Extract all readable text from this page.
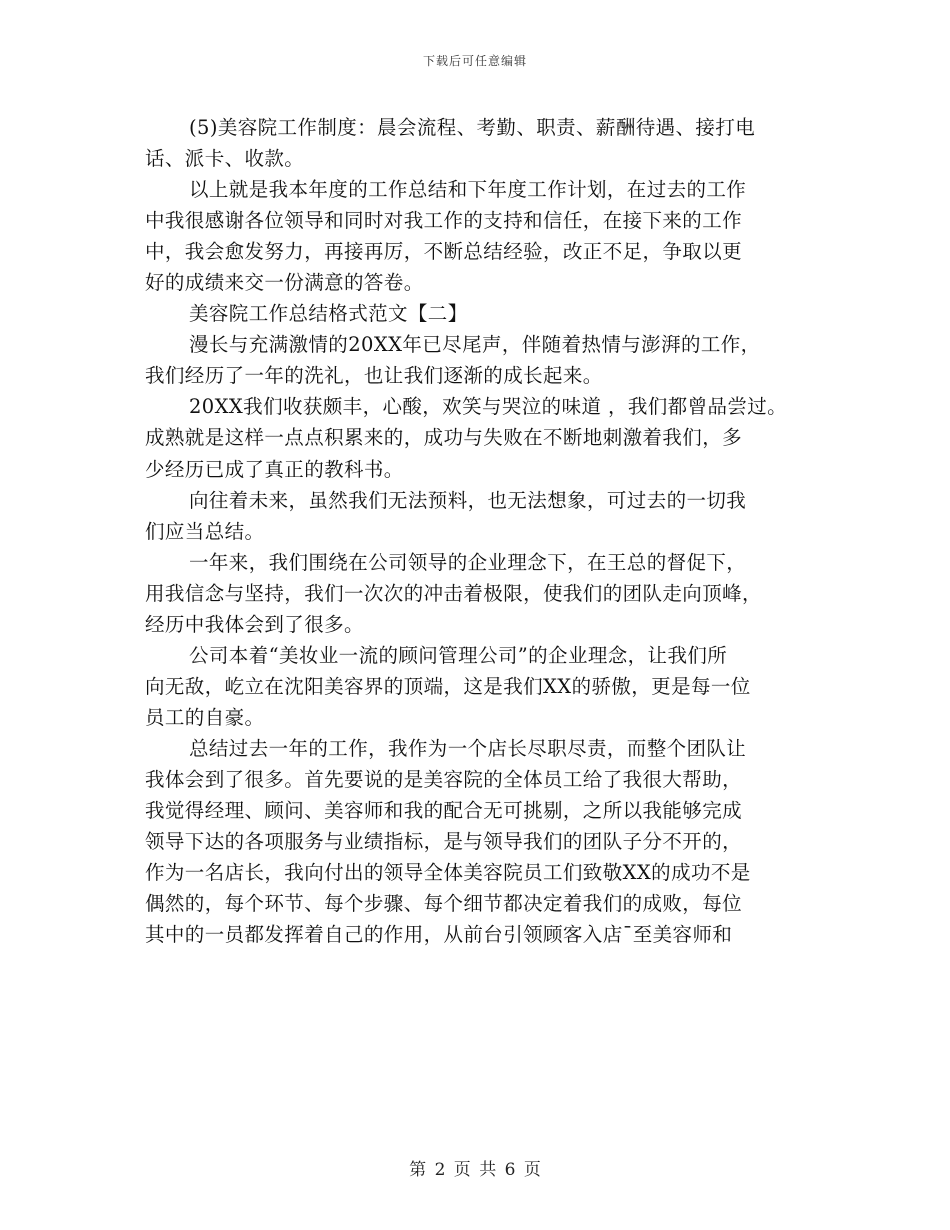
下载后可任意编辑
(5)美容院工作制度：晨会流程、考勤、职责、薪酬待遇、接打电
话、派卡、收款。
以上就是我本年度的工作总结和下年度工作计划，在过去的工作
中我很感谢各位领导和同时对我工作的支持和信任，在接下来的工作
中，我会愈发努力，再接再厉，不断总结经验，改正不足，争取以更
好的成绩来交一份满意的答卷。
美容院工作总结格式范文【二】
漫长与充满激情的20XX年已尽尾声，伴随着热情与澎湃的工作，
我们经历了一年的洗礼，也让我们逐渐的成长起来。
20XX我们收获颇丰，心酸，欢笑与哭泣的味道 ，我们都曾品尝过。
成熟就是这样一点点积累来的，成功与失败在不断地刺激着我们，多
少经历已成了真正的教科书。
向往着未来，虽然我们无法预料，也无法想象，可过去的一切我
们应当总结。
一年来，我们围绕在公司领导的企业理念下，在王总的督促下，
用我信念与坚持，我们一次次的冲击着极限，使我们的团队走向顶峰，
经历中我体会到了很多。
公司本着“美妆业一流的顾问管理公司”的企业理念，让我们所
向无敌，屹立在沈阳美容界的顶端，这是我们XX的骄傲，更是每一位
员工的自豪。
总结过去一年的工作，我作为一个店长尽职尽责，而整个团队让
我体会到了很多。首先要说的是美容院的全体员工给了我很大帮助，
我觉得经理、顾问、美容师和我的配合无可挑剔，之所以我能够完成
领导下达的各项服务与业绩指标，是与领导我们的团队子分不开的，
作为一名店长，我向付出的领导全体美容院员工们致敬XX的成功不是
偶然的，每个环节、每个步骤、每个细节都决定着我们的成败，每位
其中的一员都发挥着自己的作用，从前台引领顾客入店¯至美容师和
第 2 页 共 6 页
